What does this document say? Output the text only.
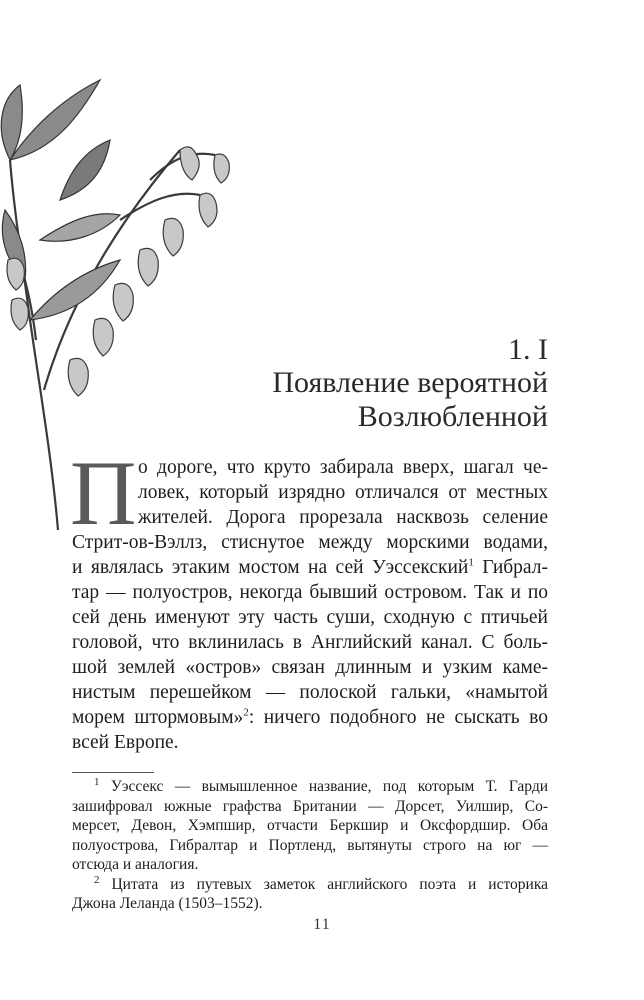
1. I
Появление вероятной
Возлюбленной
П о дороге, что круто забирала вверх, шагал че-
ловек, который изрядно отличался от местных
жителей. Дорога прорезала насквозь селение
Стрит-ов-Вэллз, стиснутое между морскими водами,
и являлась этаким мостом на сей Уэссекский$^1$ Гибрал-
тар — полуостров, некогда бывший островом. Так и по
сей день именуют эту часть суши, сходную с птичьей
головой, что вклинилась в Английский канал. С боль-
шой землей «остров» связан длинным и узким каме-
нистым перешейком — полоской гальки, «намытой
морем штормовым»$^2$: ничего подобного не сыскать во
всей Европе.
$^1$ Уэссекс — вымышленное название, под которым Т. Гарди
зашифровал южные графства Британии — Дорсет, Уилшир, Со-
мерсет, Девон, Хэмпшир, отчасти Беркшир и Оксфордшир. Оба
полуострова, Гибралтар и Портленд, вытянуты строго на юг —
отсюда и аналогия.
$^2$ Цитата из путевых заметок английского поэта и историка
Джона Леланда (1503–1552).
11
